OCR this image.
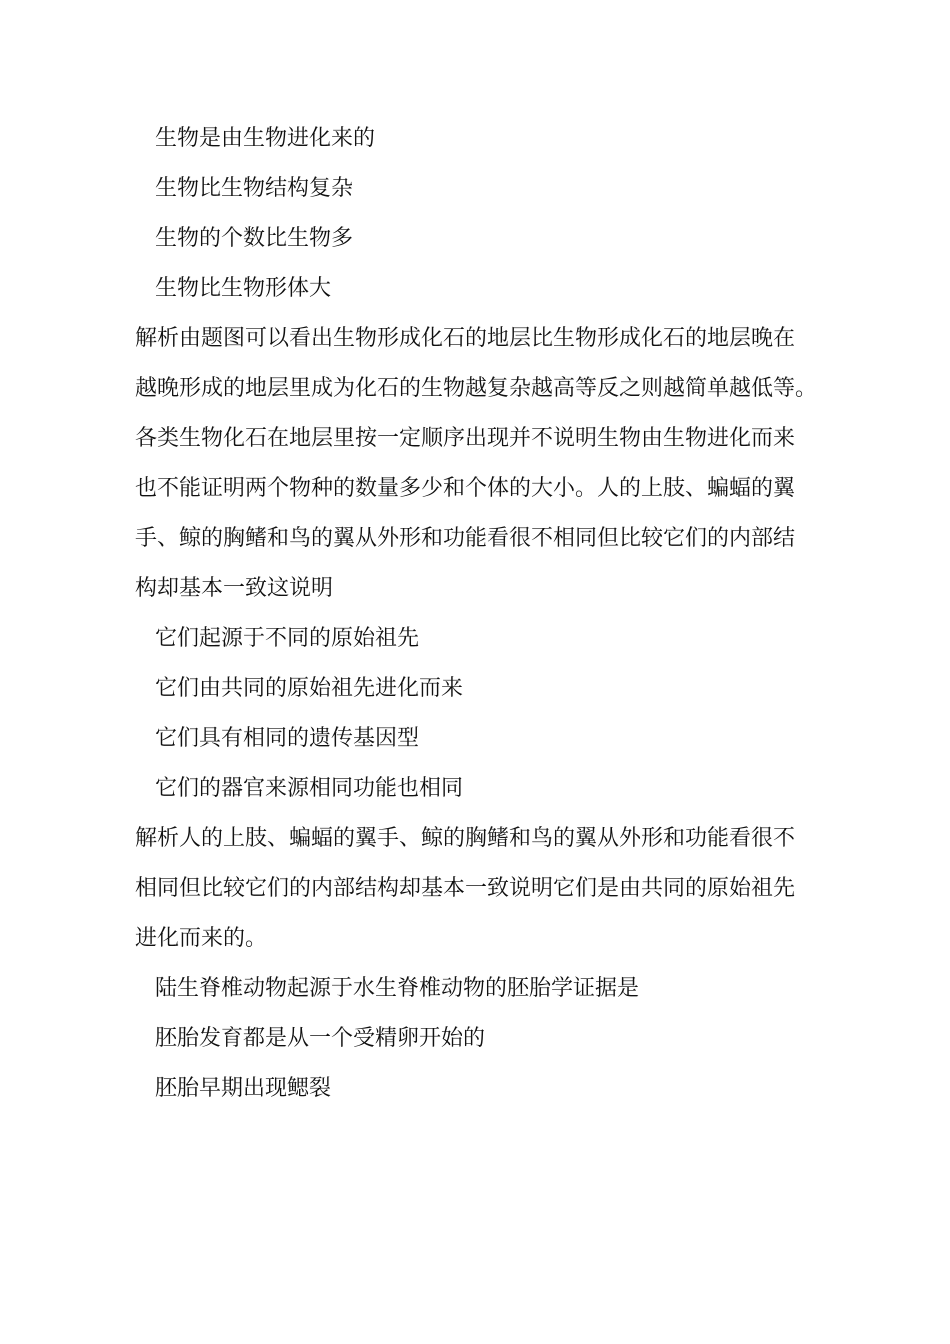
生物是由生物进化来的
生物比生物结构复杂
生物的个数比生物多
生物比生物形体大
解析由题图可以看出生物形成化石的地层比生物形成化石的地层晚在
越晚形成的地层里成为化石的生物越复杂越高等反之则越简单越低等。
各类生物化石在地层里按一定顺序出现并不说明生物由生物进化而来
也不能证明两个物种的数量多少和个体的大小。人的上肢、蝙蝠的翼
手、鲸的胸鳍和鸟的翼从外形和功能看很不相同但比较它们的内部结
构却基本一致这说明
它们起源于不同的原始祖先
它们由共同的原始祖先进化而来
它们具有相同的遗传基因型
它们的器官来源相同功能也相同
解析人的上肢、蝙蝠的翼手、鲸的胸鳍和鸟的翼从外形和功能看很不
相同但比较它们的内部结构却基本一致说明它们是由共同的原始祖先
进化而来的。
陆生脊椎动物起源于水生脊椎动物的胚胎学证据是
胚胎发育都是从一个受精卵开始的
胚胎早期出现鳃裂
